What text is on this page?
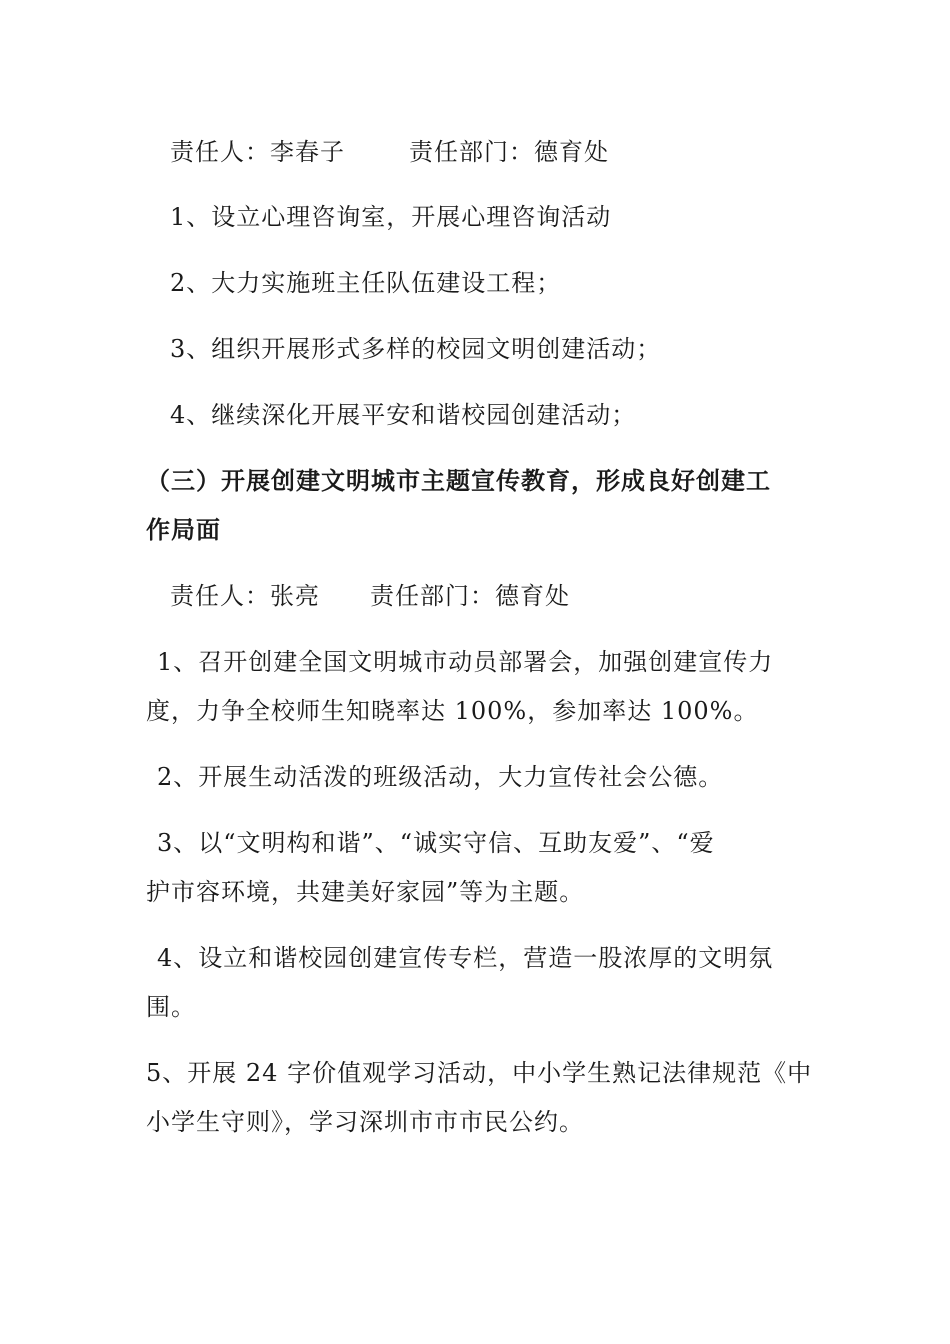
责任人：李春子	责任部门：德育处
1、设立心理咨询室，开展心理咨询活动
2、大力实施班主任队伍建设工程；
3、组织开展形式多样的校园文明创建活动；
4、继续深化开展平安和谐校园创建活动；
（三）开展创建文明城市主题宣传教育，形成良好创建工
作局面
责任人：张亮 责任部门：德育处
1、召开创建全国文明城市动员部署会，加强创建宣传力
度，力争全校师生知晓率达 100%，参加率达 100%。
2、开展生动活泼的班级活动，大力宣传社会公德。
3、以“文明构和谐”、“诚实守信、互助友爱”、“爱
护市容环境，共建美好家园”等为主题。
4、设立和谐校园创建宣传专栏，营造一股浓厚的文明氛
围。
5、开展 24 字价值观学习活动，中小学生熟记法律规范《中
小学生守则》，学习深圳市市市民公约。
